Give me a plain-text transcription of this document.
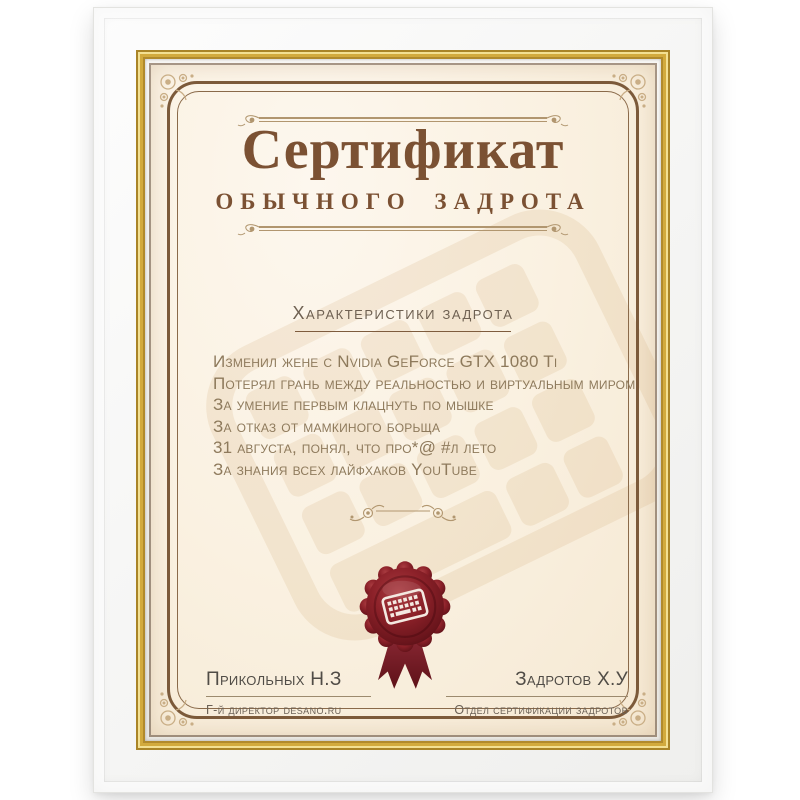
Сертификат
ОБЫЧНОГО ЗАДРОТА
Характеристики задрота
Изменил жене с Nvidia GeForce GTX 1080 Ti
Потерял грань между реальностью и виртуальным миром
За умение первым клацнуть по мышке
За отказ от мамкиного борьща
31 августа, понял, что про*@ #л лето
За знания всех лайфхаков YouTube
Прикольных Н.З
Г-й директор desano.ru
Задротов Х.У
Отдел сертификации задротов
